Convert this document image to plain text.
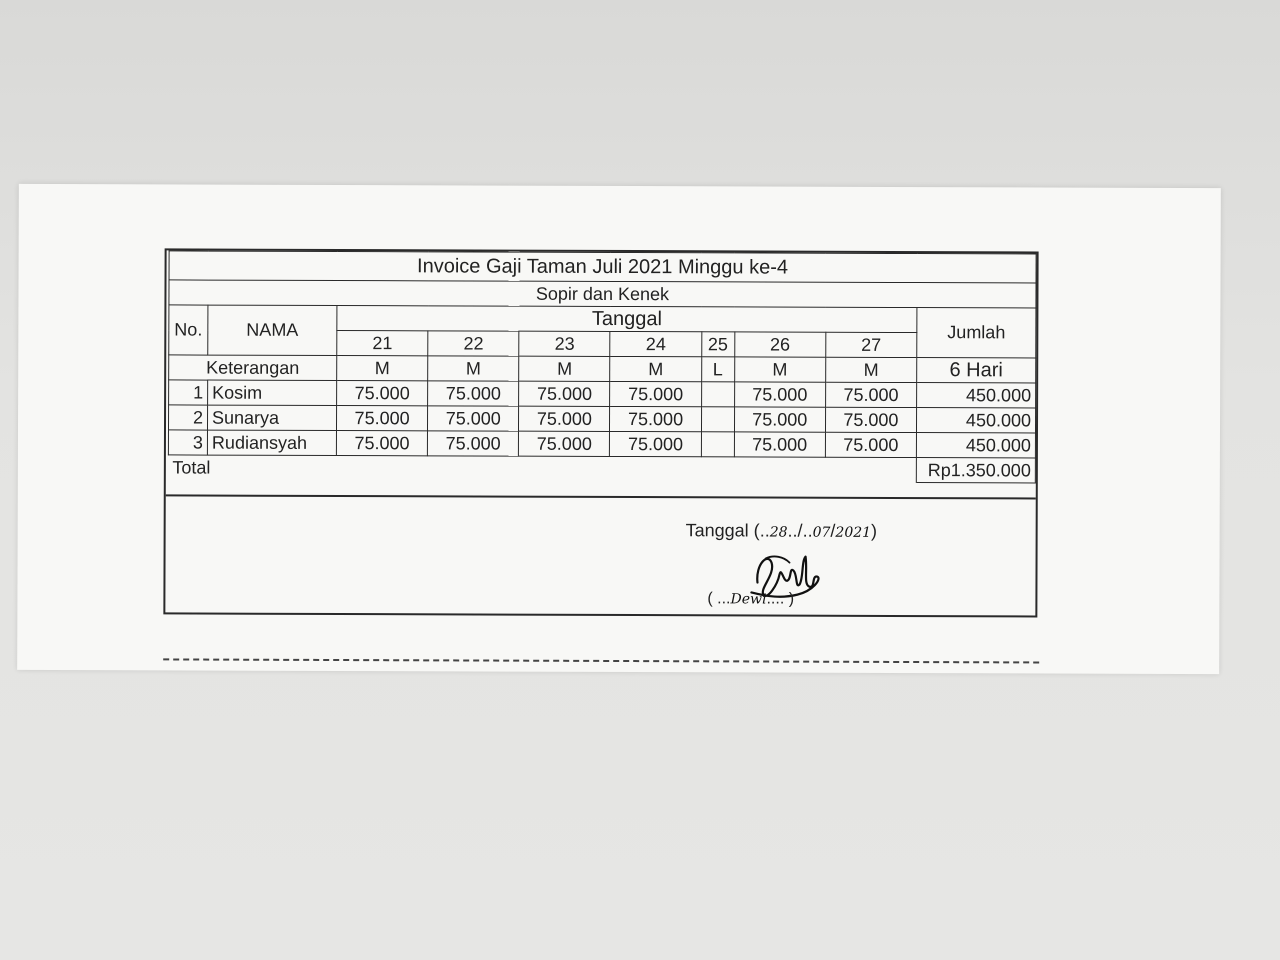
Invoice Gaji Taman Juli 2021 Minggu ke-4									
Sopir dan Kenek									
No.	NAMA	Tanggal							Jumlah
		21	22	23	24	25	26	27	
Keterangan		M	M	M	M	L	M	M	6 Hari
1	Kosim	75.000	75.000	75.000	75.000		75.000	75.000	450.000
2	Sunarya	75.000	75.000	75.000	75.000		75.000	75.000	450.000
3	Rudiansyah	75.000	75.000	75.000	75.000		75.000	75.000	450.000
Total									Rp1.350.000
Tanggal (..28../..07/2021)
( ...Dewi.... )
